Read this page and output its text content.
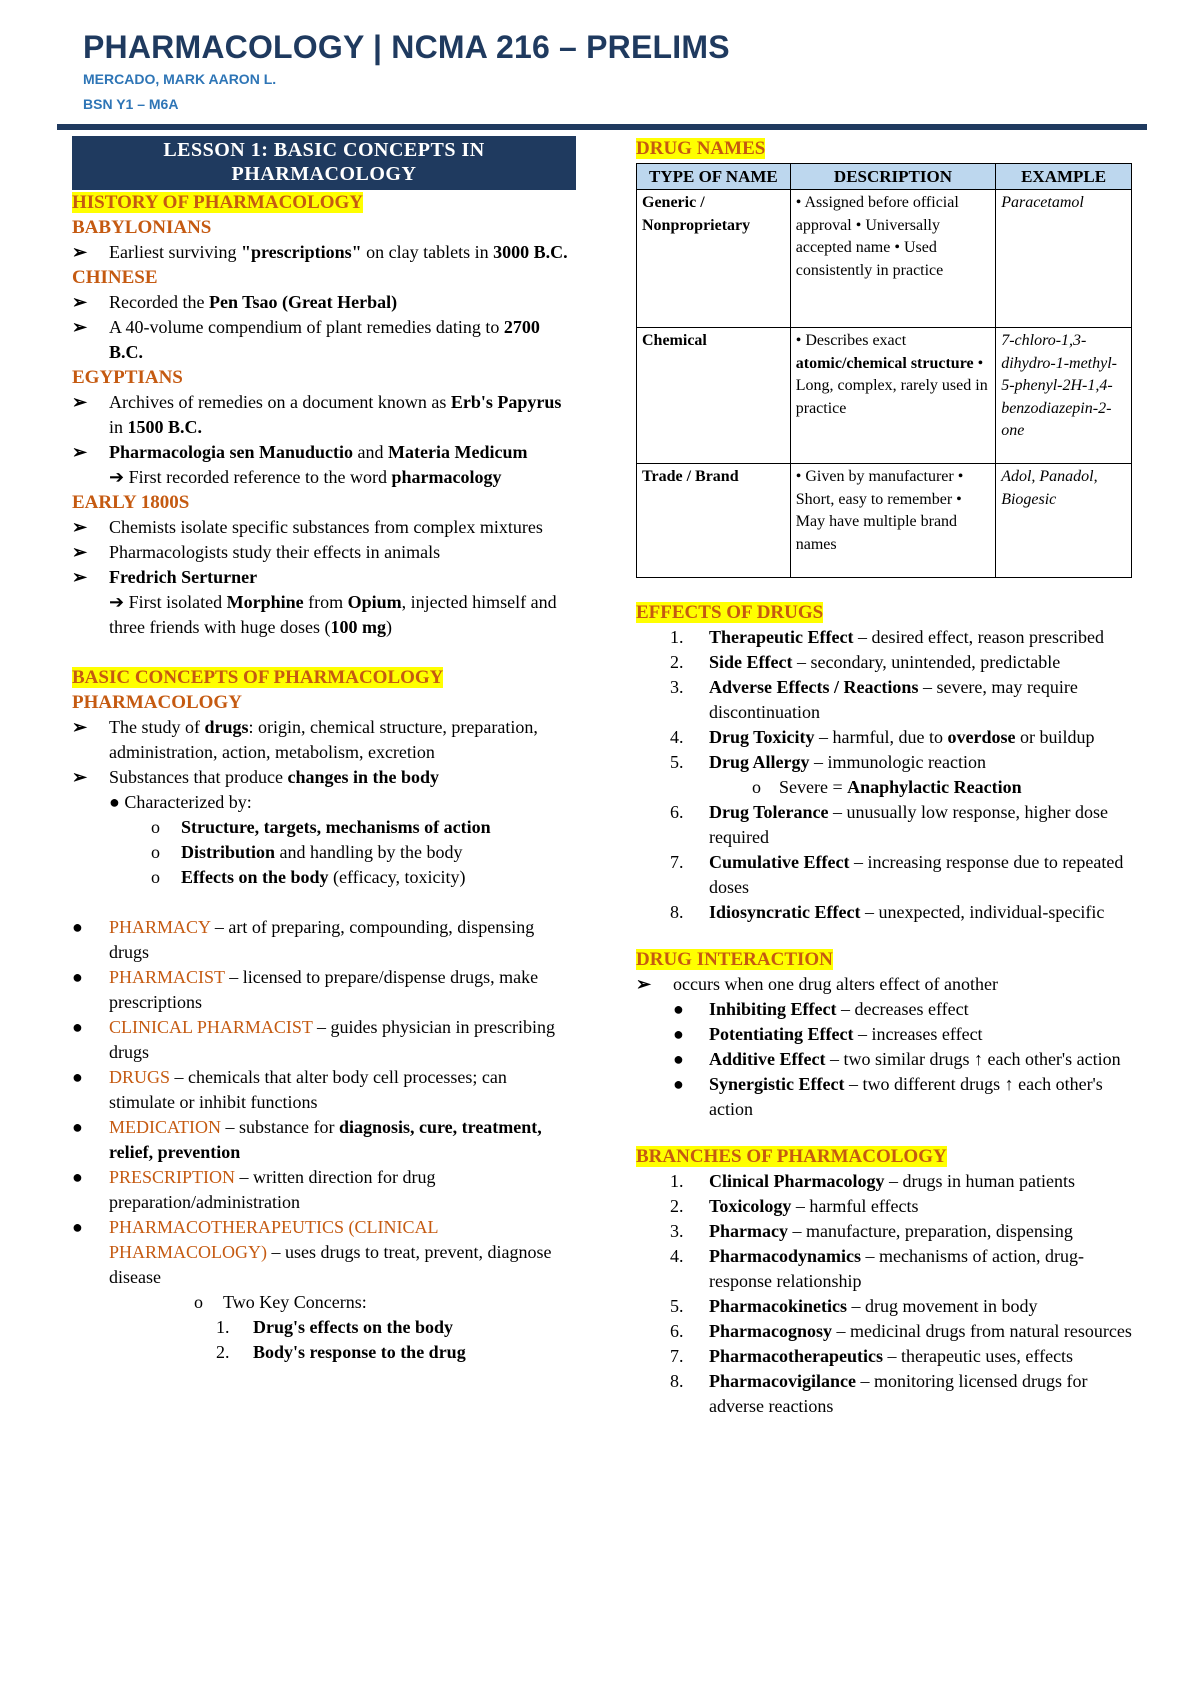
PHARMACOLOGY | NCMA 216 – PRELIMS
MERCADO, MARK AARON L.
BSN Y1 – M6A
LESSON 1: BASIC CONCEPTS IN PHARMACOLOGY
HISTORY OF PHARMACOLOGY
BABYLONIANS
➢ Earliest surviving "prescriptions" on clay tablets in 3000 B.C.
CHINESE
➢ Recorded the Pen Tsao (Great Herbal)
➢ A 40-volume compendium of plant remedies dating to 2700 B.C.
EGYPTIANS
➢ Archives of remedies on a document known as Erb's Papyrus in 1500 B.C.
➢ Pharmacologia sen Manuductio and Materia Medicum
➔ First recorded reference to the word pharmacology
EARLY 1800S
➢ Chemists isolate specific substances from complex mixtures
➢ Pharmacologists study their effects in animals
➢ Fredrich Serturner
➔ First isolated Morphine from Opium, injected himself and three friends with huge doses (100 mg)
BASIC CONCEPTS OF PHARMACOLOGY
PHARMACOLOGY
➢ The study of drugs: origin, chemical structure, preparation, administration, action, metabolism, excretion
➢ Substances that produce changes in the body
● Characterized by:
o Structure, targets, mechanisms of action
o Distribution and handling by the body
o Effects on the body (efficacy, toxicity)
● PHARMACY – art of preparing, compounding, dispensing drugs
● PHARMACIST – licensed to prepare/dispense drugs, make prescriptions
● CLINICAL PHARMACIST – guides physician in prescribing drugs
● DRUGS – chemicals that alter body cell processes; can stimulate or inhibit functions
● MEDICATION – substance for diagnosis, cure, treatment, relief, prevention
● PRESCRIPTION – written direction for drug preparation/administration
● PHARMACOTHERAPEUTICS (CLINICAL PHARMACOLOGY) – uses drugs to treat, prevent, diagnose disease
o Two Key Concerns:
1. Drug's effects on the body
2. Body's response to the drug
DRUG NAMES
TYPE OF NAME	DESCRIPTION	EXAMPLE
Generic / Nonproprietary	• Assigned before official approval • Universally accepted name • Used consistently in practice	Paracetamol
Chemical	• Describes exact atomic/chemical structure • Long, complex, rarely used in practice	7-chloro-1,3-dihydro-1-methyl-5-phenyl-2H-1,4-benzodiazepin-2-one
Trade / Brand	• Given by manufacturer • Short, easy to remember • May have multiple brand names	Adol, Panadol, Biogesic
EFFECTS OF DRUGS
1. Therapeutic Effect – desired effect, reason prescribed
2. Side Effect – secondary, unintended, predictable
3. Adverse Effects / Reactions – severe, may require discontinuation
4. Drug Toxicity – harmful, due to overdose or buildup
5. Drug Allergy – immunologic reaction
o Severe = Anaphylactic Reaction
6. Drug Tolerance – unusually low response, higher dose required
7. Cumulative Effect – increasing response due to repeated doses
8. Idiosyncratic Effect – unexpected, individual-specific
DRUG INTERACTION
➢ occurs when one drug alters effect of another
● Inhibiting Effect – decreases effect
● Potentiating Effect – increases effect
● Additive Effect – two similar drugs ↑ each other's action
● Synergistic Effect – two different drugs ↑ each other's action
BRANCHES OF PHARMACOLOGY
1. Clinical Pharmacology – drugs in human patients
2. Toxicology – harmful effects
3. Pharmacy – manufacture, preparation, dispensing
4. Pharmacodynamics – mechanisms of action, drug-response relationship
5. Pharmacokinetics – drug movement in body
6. Pharmacognosy – medicinal drugs from natural resources
7. Pharmacotherapeutics – therapeutic uses, effects
8. Pharmacovigilance – monitoring licensed drugs for adverse reactions
